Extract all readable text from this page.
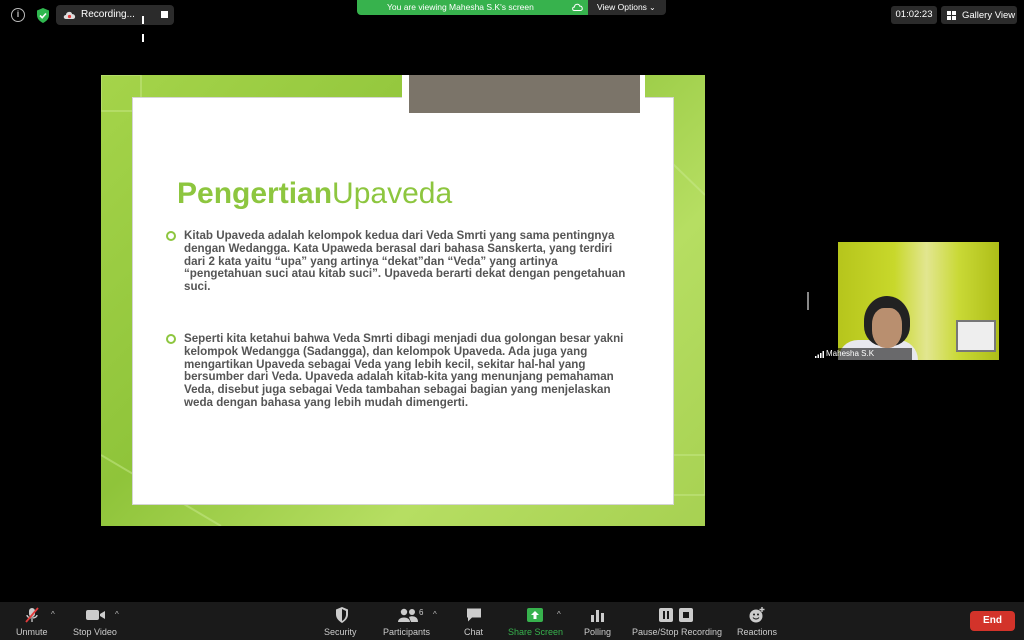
i	Recording...
You are viewing Mahesha S.K's screen	View Options ⌄
01:02:23	Gallery View
PengertianUpaveda

Kitab Upaveda adalah kelompok kedua dari Veda Smrti yang sama pentingnya dengan Wedangga. Kata Upaweda berasal dari bahasa Sanskerta, yang terdiri dari 2 kata yaitu “upa” yang artinya “dekat”dan “Veda” yang artinya “pengetahuan suci atau kitab suci”. Upaveda berarti dekat dengan pengetahuan suci.

Seperti kita ketahui bahwa Veda Smrti dibagi menjadi dua golongan besar yakni kelompok Wedangga (Sadangga), dan kelompok Upaveda. Ada juga yang mengartikan Upaveda sebagai Veda yang lebih kecil, sekitar hal-hal yang bersumber dari Veda. Upaveda adalah kitab-kita yang menunjang pemahaman Veda, disebut juga sebagai Veda tambahan sebagai bagian yang menjelaskan weda dengan bahasa yang lebih mudah dimengerti.

Mahesha S.K
Unmute
^
Stop Video
^
Security
6
Participants
^
Chat	Share Screen
^
Polling Pause/Stop Recording Reactions
End
